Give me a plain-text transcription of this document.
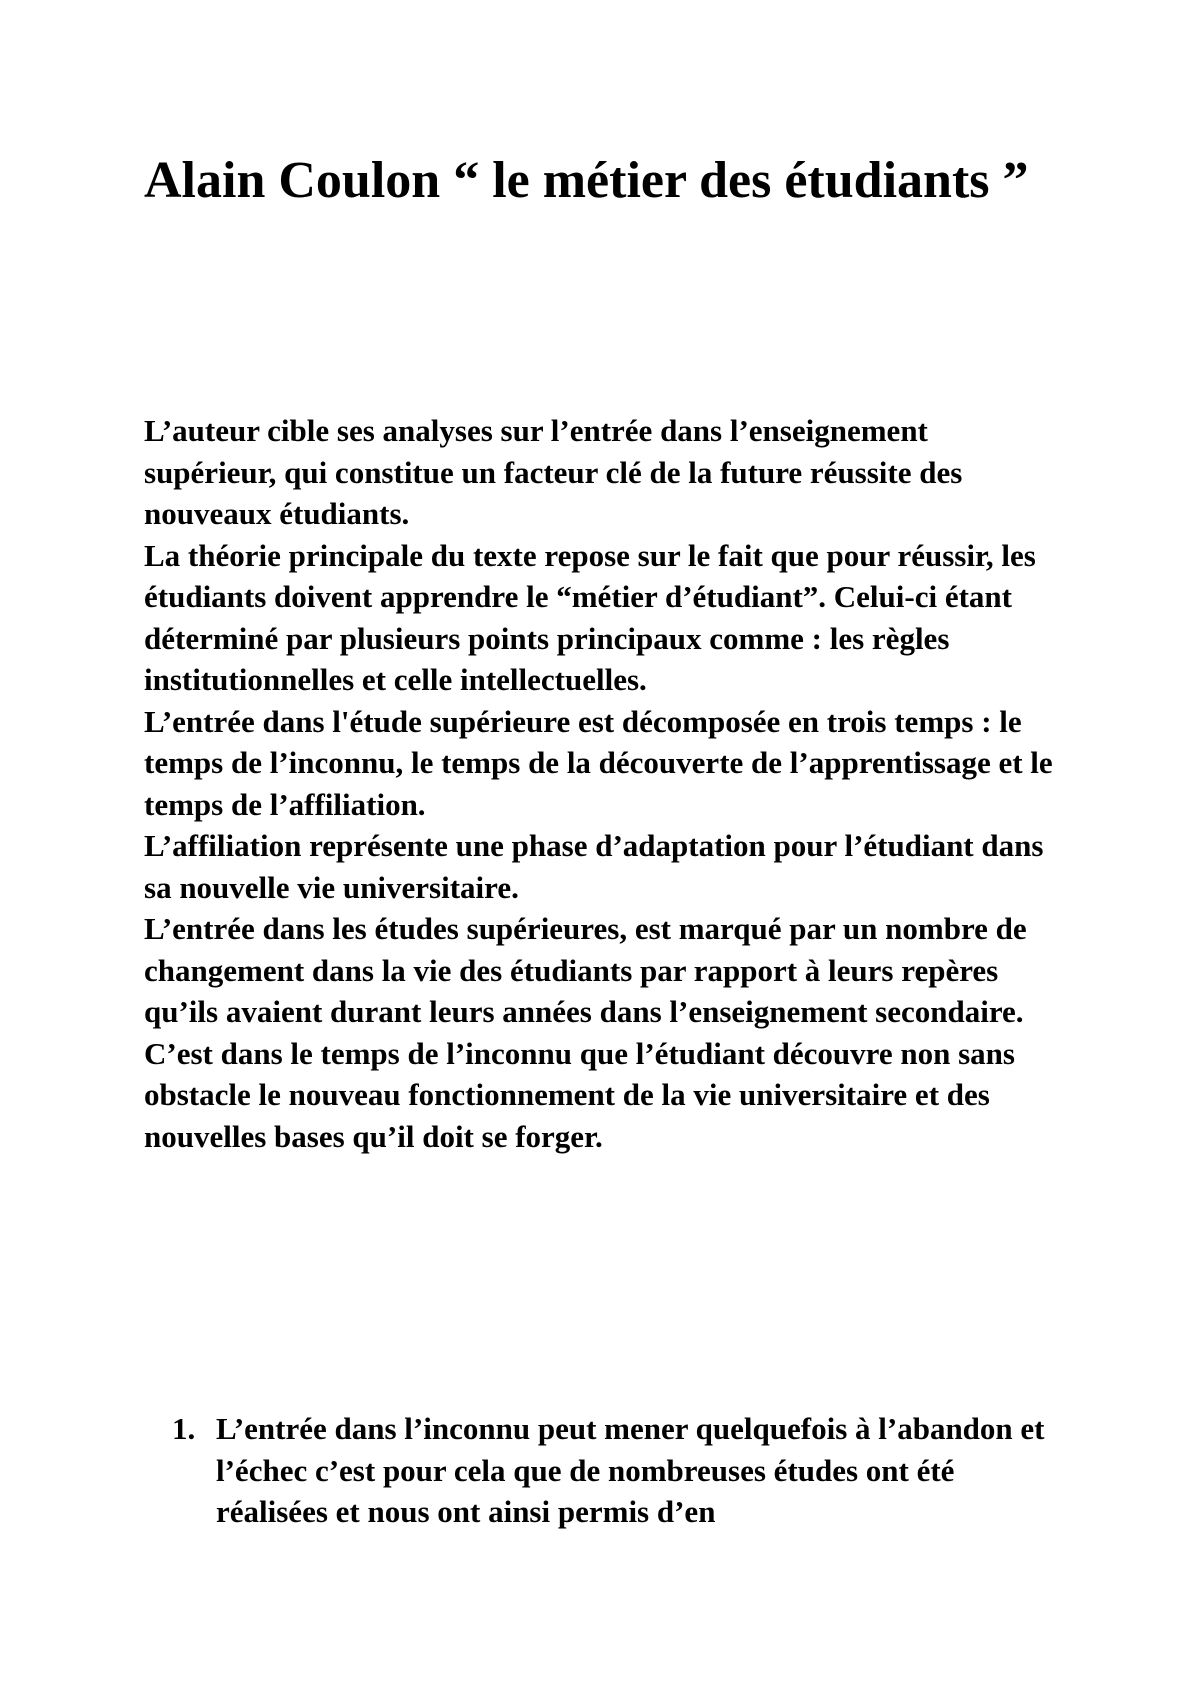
Alain Coulon “ le métier des étudiants ”
L’auteur cible ses analyses sur l’entrée dans l’enseignement supérieur, qui constitue un facteur clé de la future réussite des nouveaux étudiants.
La théorie principale du texte repose sur le fait que pour réussir, les étudiants doivent apprendre le “métier d’étudiant”. Celui-ci étant déterminé par plusieurs points principaux comme : les règles institutionnelles et celle intellectuelles.
L’entrée dans l'étude supérieure est décomposée en trois temps : le temps de l’inconnu, le temps de la découverte de l’apprentissage et le temps de l’affiliation.
L’affiliation représente une phase d’adaptation pour l’étudiant dans sa nouvelle vie universitaire.
L’entrée dans les études supérieures, est marqué par un nombre de changement dans la vie des étudiants par rapport à leurs repères qu’ils avaient durant leurs années dans l’enseignement secondaire. C’est dans le temps de l’inconnu que l’étudiant découvre non sans obstacle le nouveau fonctionnement de la vie universitaire et des nouvelles bases qu’il doit se forger.
1. L’entrée dans l’inconnu peut mener quelquefois à l’abandon et l’échec c’est pour cela que de nombreuses études ont été réalisées et nous ont ainsi permis d’en
